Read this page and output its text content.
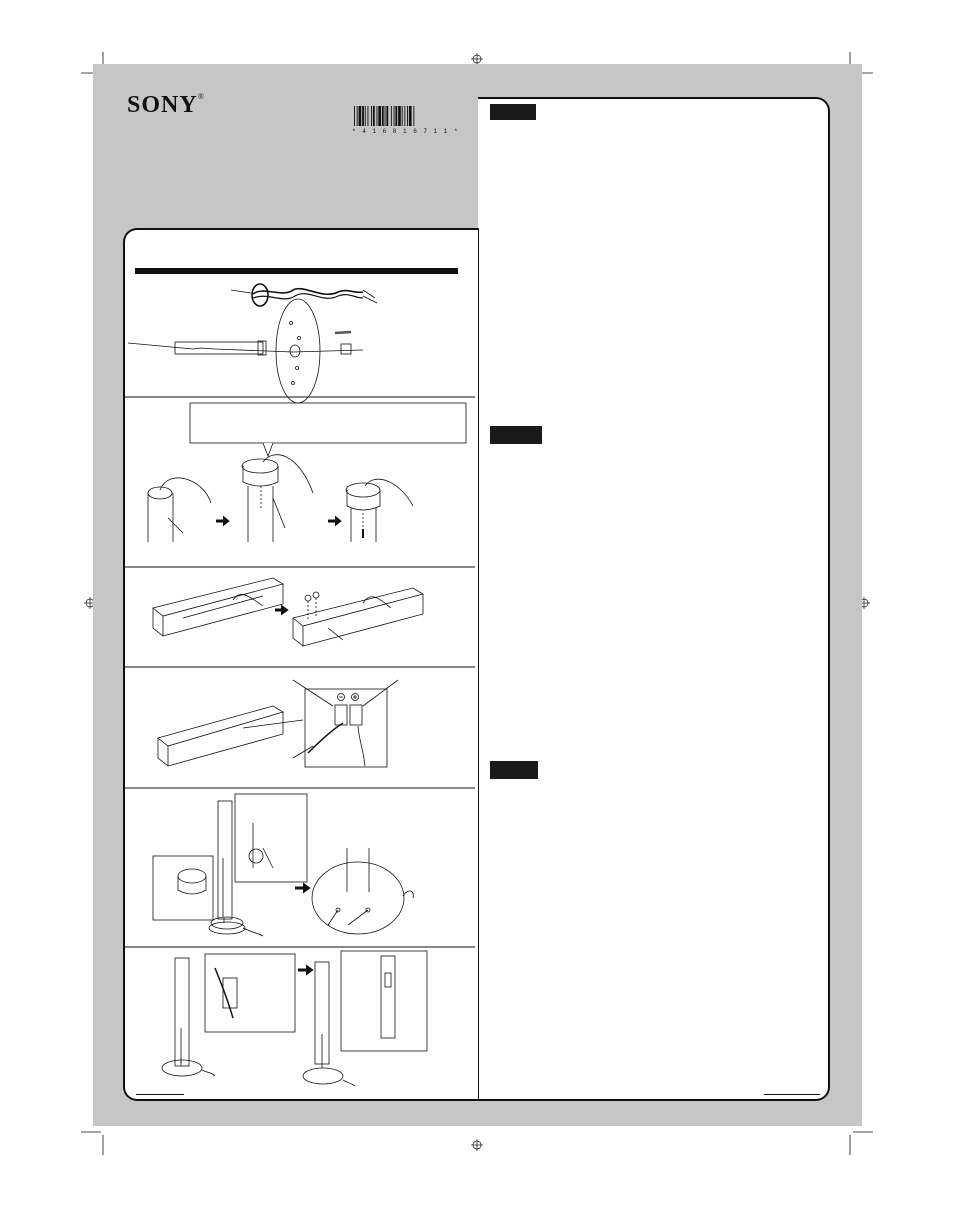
SONY®
* 4 1 6 8 1 6 7 1 1 *
